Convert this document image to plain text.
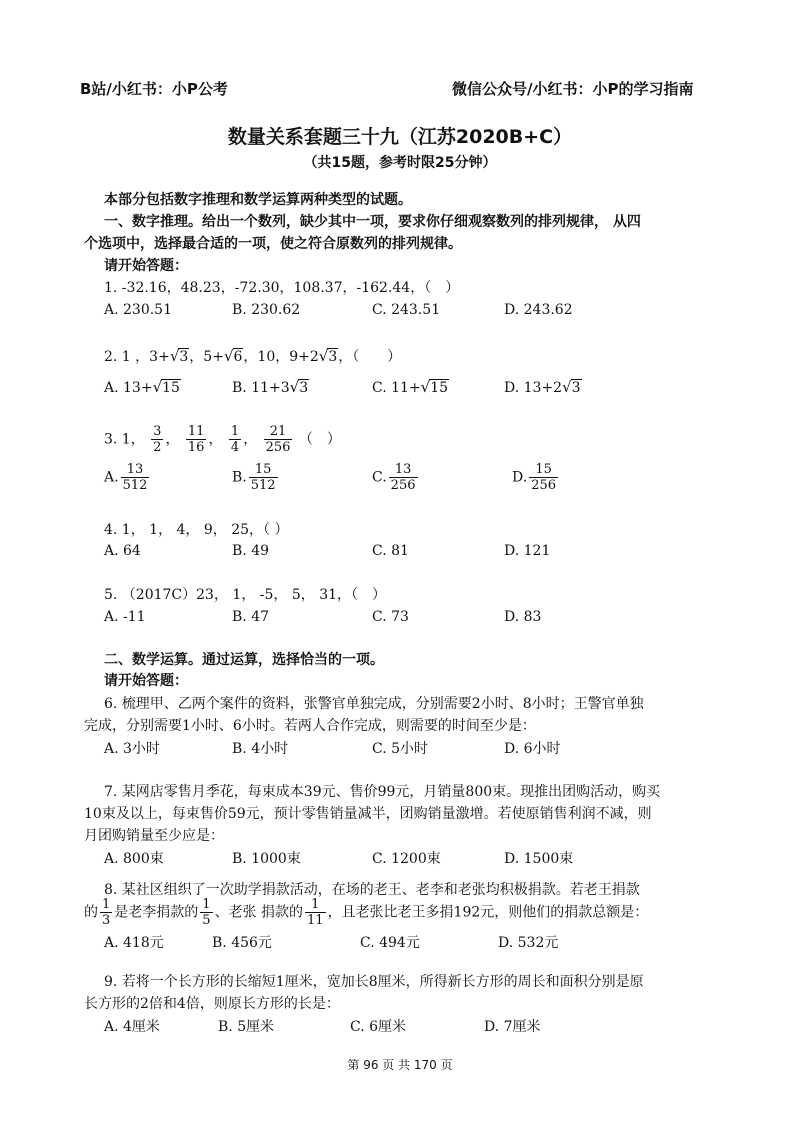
B站/小红书：小P公考	微信公众号/小红书：小P的学习指南
数量关系套题三十九（江苏2020B+C）
（共15题，参考时限25分钟）
本部分包括数字推理和数学运算两种类型的试题。
一、数字推理。给出一个数列，缺少其中一项，要求你仔细观察数列的排列规律， 从四
个选项中，选择最合适的一项，使之符合原数列的排列规律。
请开始答题：
1. -32.16，48.23，-72.30，108.37，-162.44，（　）
A. 230.51	B. 230.62	C. 243.51	D. 243.62
2. 1 ，3+√3，5+√6，10，9+2√3，（　　）
A. 13+√15	B. 11+3√3	C. 11+√15	D. 13+2√3
3. 1， $\frac{3}{2}$ ， $\frac{11}{16}$ ， $\frac{1}{4}$ ， $\frac{21}{256}$ （　）
A. $\frac{13}{512}$	B. $\frac{15}{512}$	C. $\frac{13}{256}$	D. $\frac{15}{256}$
4. 1， 1， 4， 9， 25，（ ）
A. 64	B. 49	C. 81	D. 121
5. （2017C）23， 1， -5， 5， 31，（　）
A. -11	B. 47	C. 73	D. 83
二、数学运算。通过运算，选择恰当的一项。
请开始答题：
6. 梳理甲、乙两个案件的资料，张警官单独完成，分别需要2小时、8小时；王警官单独
完成，分别需要1小时、6小时。若两人合作完成，则需要的时间至少是：
A. 3小时	B. 4小时	C. 5小时	D. 6小时
7. 某网店零售月季花，每束成本39元、售价99元，月销量800束。现推出团购活动，购买
10束及以上，每束售价59元，预计零售销量减半，团购销量激增。若使原销售利润不减，则
月团购销量至少应是：
A. 800束	B. 1000束	C. 1200束	D. 1500束
8. 某社区组织了一次助学捐款活动，在场的老王、老李和老张均积极捐款。若老王捐款
的 $\frac{1}{3}$ 是老李捐款的 $\frac{1}{5}$ 、老张 捐款的 $\frac{1}{11}$ ，且老张比老王多捐192元，则他们的捐款总额是：
A. 418元	B. 456元	C. 494元	D. 532元
9. 若将一个长方形的长缩短1厘米，宽加长8厘米，所得新长方形的周长和面积分别是原
长方形的2倍和4倍，则原长方形的长是：
A. 4厘米	B. 5厘米	C. 6厘米	D. 7厘米
第 96 页 共 170 页
